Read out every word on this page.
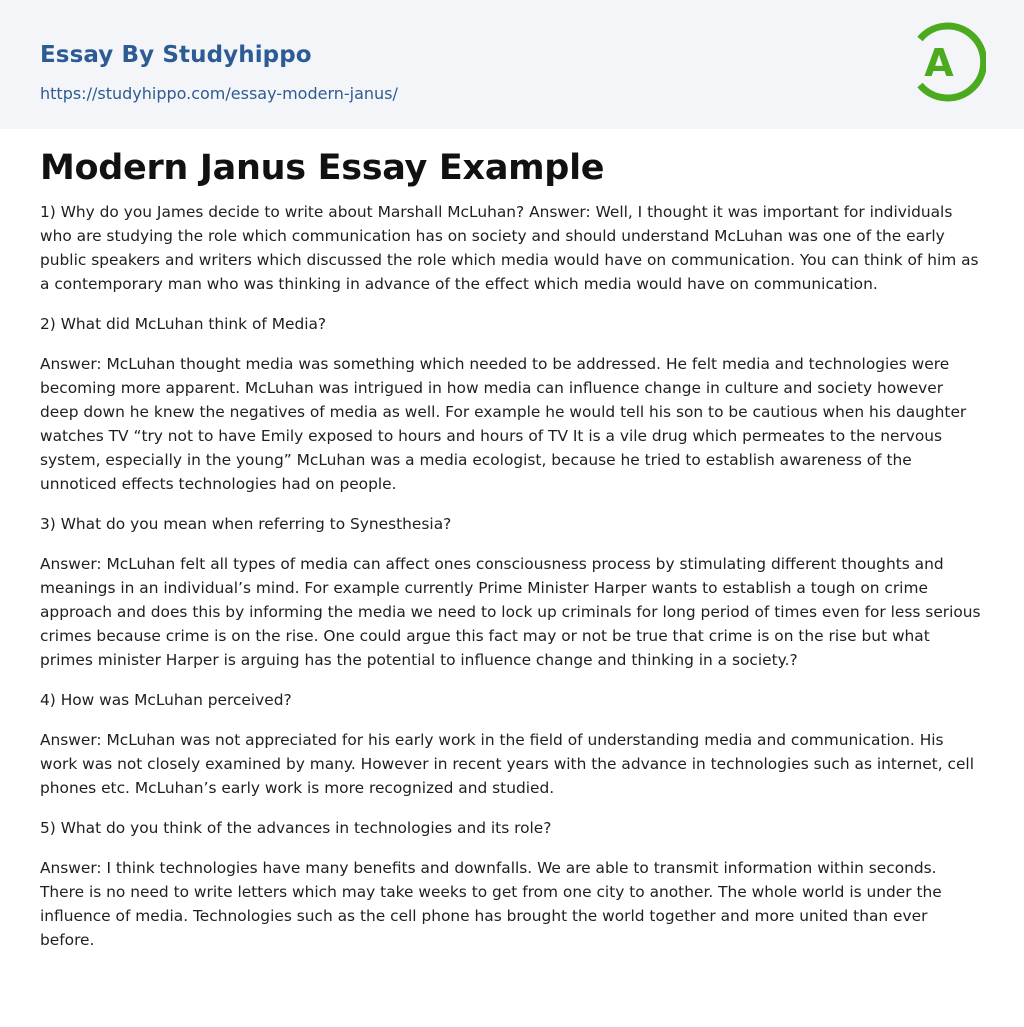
Essay By Studyhippo
https://studyhippo.com/essay-modern-janus/
A
Modern Janus Essay Example

1) Why do you James decide to write about Marshall McLuhan? Answer: Well, I thought it was important for individuals who are studying the role which communication has on society and should understand McLuhan was one of the early public speakers and writers which discussed the role which media would have on communication. You can think of him as a contemporary man who was thinking in advance of the effect which media would have on communication.

2) What did McLuhan think of Media?

Answer: McLuhan thought media was something which needed to be addressed. He felt media and technologies were becoming more apparent. McLuhan was intrigued in how media can influence change in culture and society however deep down he knew the negatives of media as well. For example he would tell his son to be cautious when his daughter watches TV “try not to have Emily exposed to hours and hours of TV It is a vile drug which permeates to the nervous system, especially in the young” McLuhan was a media ecologist, because he tried to establish awareness of the unnoticed effects technologies had on people.

3) What do you mean when referring to Synesthesia?

Answer: McLuhan felt all types of media can affect ones consciousness process by stimulating different thoughts and meanings in an individual’s mind. For example currently Prime Minister Harper wants to establish a tough on crime approach and does this by informing the media we need to lock up criminals for long period of times even for less serious crimes because crime is on the rise. One could argue this fact may or not be true that crime is on the rise but what primes minister Harper is arguing has the potential to influence change and thinking in a society.?

4) How was McLuhan perceived?

Answer: McLuhan was not appreciated for his early work in the field of understanding media and communication. His work was not closely examined by many. However in recent years with the advance in technologies such as internet, cell phones etc. McLuhan’s early work is more recognized and studied.

5) What do you think of the advances in technologies and its role?

Answer: I think technologies have many benefits and downfalls. We are able to transmit information within seconds. There is no need to write letters which may take weeks to get from one city to another. The whole world is under the influence of media. Technologies such as the cell phone has brought the world together and more united than ever before.
